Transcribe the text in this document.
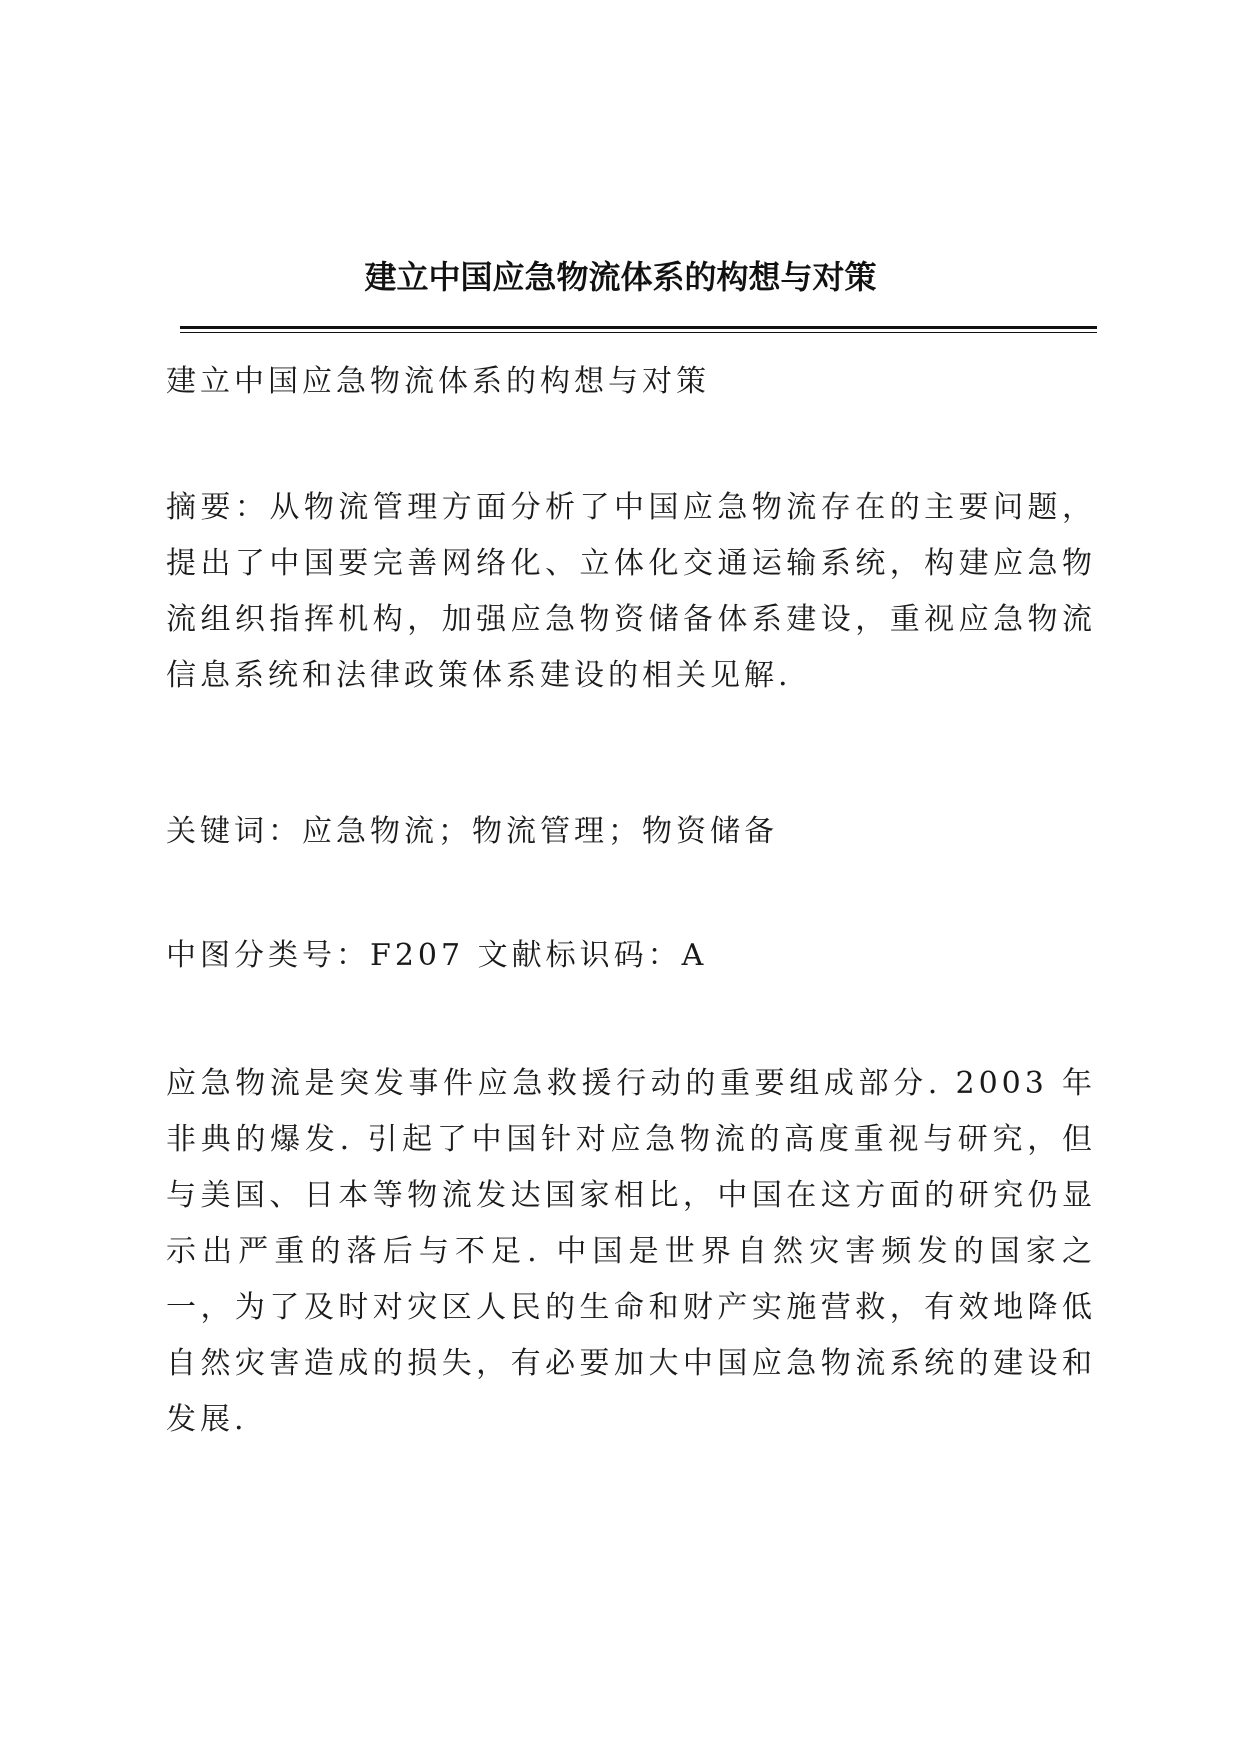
建立中国应急物流体系的构想与对策
建立中国应急物流体系的构想与对策
摘要：从物流管理方面分析了中国应急物流存在的主要问题，提出了中国要完善网络化、立体化交通运输系统，构建应急物流组织指挥机构，加强应急物资储备体系建设，重视应急物流信息系统和法律政策体系建设的相关见解.
关键词：应急物流；物流管理；物资储备
中图分类号：F207 文献标识码：A
应急物流是突发事件应急救援行动的重要组成部分. 2003 年非典的爆发. 引起了中国针对应急物流的高度重视与研究，但与美国、日本等物流发达国家相比，中国在这方面的研究仍显示出严重的落后与不足. 中国是世界自然灾害频发的国家之一，为了及时对灾区人民的生命和财产实施营救，有效地降低自然灾害造成的损失，有必要加大中国应急物流系统的建设和发展.
